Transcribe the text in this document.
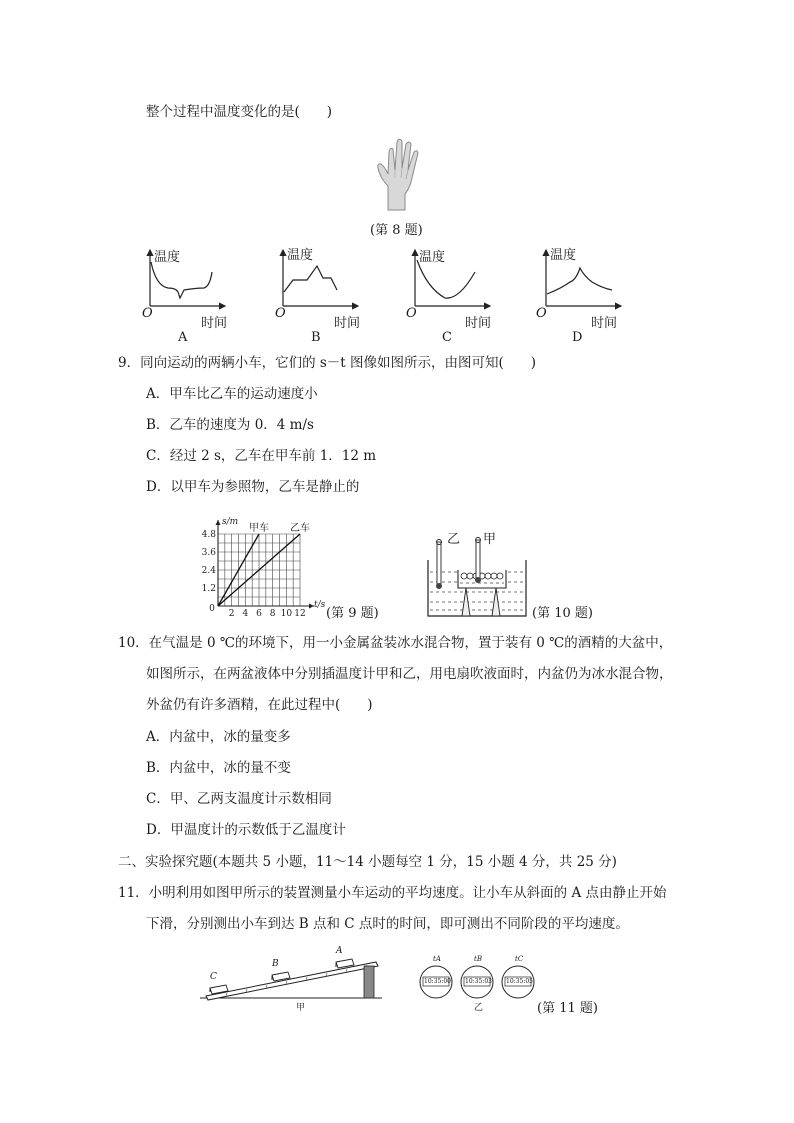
整个过程中温度变化的是(　　)
(第 8 题)
温度	温度	温度	温度
O	O	O	O
时间	时间	时间	时间
A	B	C	D
9．同向运动的两辆小车，它们的 s－t 图像如图所示，由图可知(　　)
A．甲车比乙车的运动速度小
B．乙车的速度为 0．4 m/s
C．经过 2 s，乙车在甲车前 1．12 m
D．以甲车为参照物，乙车是静止的
2 4 6 8 10 12
1.2
2.4
3.6
4.8
0	t/s
s/m
甲车 乙车
(第 9 题)
乙 甲
(第 10 题)
10．在气温是 0 ℃的环境下，用一小金属盆装冰水混合物，置于装有 0 ℃的酒精的大盆中，
如图所示，在两盆液体中分别插温度计甲和乙，用电扇吹液面时，内盆仍为冰水混合物，
外盆仍有许多酒精，在此过程中(　　)
A．内盆中，冰的量变多
B．内盆中，冰的量不变
C．甲、乙两支温度计示数相同
D．甲温度计的示数低于乙温度计
二、实验探究题(本题共 5 小题，11～14 小题每空 1 分，15 小题 4 分，共 25 分)
11．小明利用如图甲所示的装置测量小车运动的平均速度。让小车从斜面的 A 点由静止开始
下滑，分别测出小车到达 B 点和 C 点时的时间，即可测出不同阶段的平均速度。
C
B
A
甲
10:35:00 10:35:03 10:35:05
tA	tB	tC
乙	(第 11 题)
